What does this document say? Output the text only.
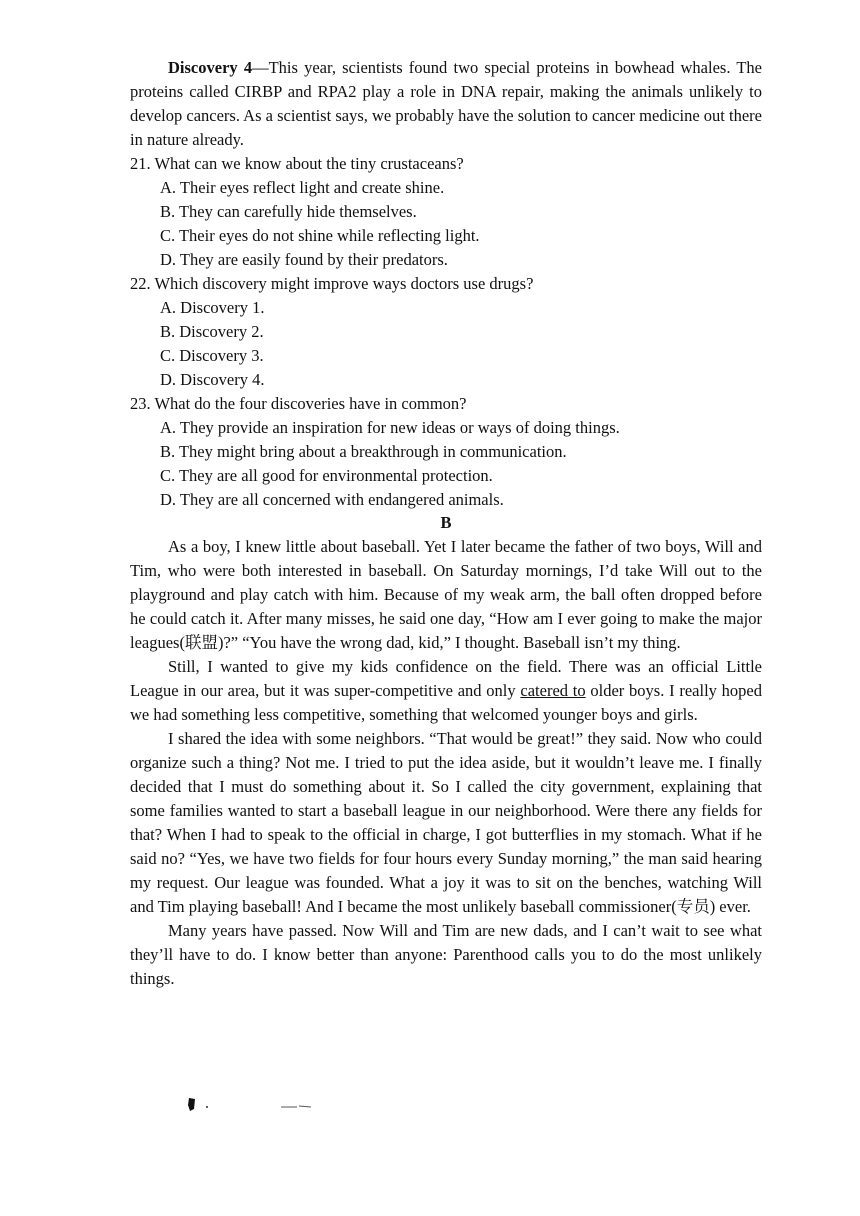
Discovery 4—This year, scientists found two special proteins in bowhead whales. The proteins called CIRBP and RPA2 play a role in DNA repair, making the animals unlikely to develop cancers. As a scientist says, we probably have the solution to cancer medicine out there in nature already.

21. What can we know about the tiny crustaceans?

A. Their eyes reflect light and create shine.

B. They can carefully hide themselves.

C. Their eyes do not shine while reflecting light.

D. They are easily found by their predators.

22. Which discovery might improve ways doctors use drugs?

A. Discovery 1.

B. Discovery 2.

C. Discovery 3.

D. Discovery 4.

23. What do the four discoveries have in common?

A. They provide an inspiration for new ideas or ways of doing things.

B. They might bring about a breakthrough in communication.

C. They are all good for environmental protection.

D. They are all concerned with endangered animals.

B

As a boy, I knew little about baseball. Yet I later became the father of two boys, Will and Tim, who were both interested in baseball. On Saturday mornings, I’d take Will out to the playground and play catch with him. Because of my weak arm, the ball often dropped before he could catch it. After many misses, he said one day, “How am I ever going to make the major leagues(联盟)?” “You have the wrong dad, kid,” I thought. Baseball isn’t my thing.

Still, I wanted to give my kids confidence on the field. There was an official Little League in our area, but it was super-competitive and only catered to older boys. I really hoped we had something less competitive, something that welcomed younger boys and girls.

I shared the idea with some neighbors. “That would be great!” they said. Now who could organize such a thing? Not me. I tried to put the idea aside, but it wouldn’t leave me. I finally decided that I must do something about it. So I called the city government, explaining that some families wanted to start a baseball league in our neighborhood. Were there any fields for that? When I had to speak to the official in charge, I got butterflies in my stomach. What if he said no? “Yes, we have two fields for four hours every Sunday morning,” the man said hearing my request. Our league was founded. What a joy it was to sit on the benches, watching Will and Tim playing baseball! And I became the most unlikely baseball commissioner(专员) ever.

Many years have passed. Now Will and Tim are new dads, and I can’t wait to see what they’ll have to do. I know better than anyone: Parenthood calls you to do the most unlikely things.
